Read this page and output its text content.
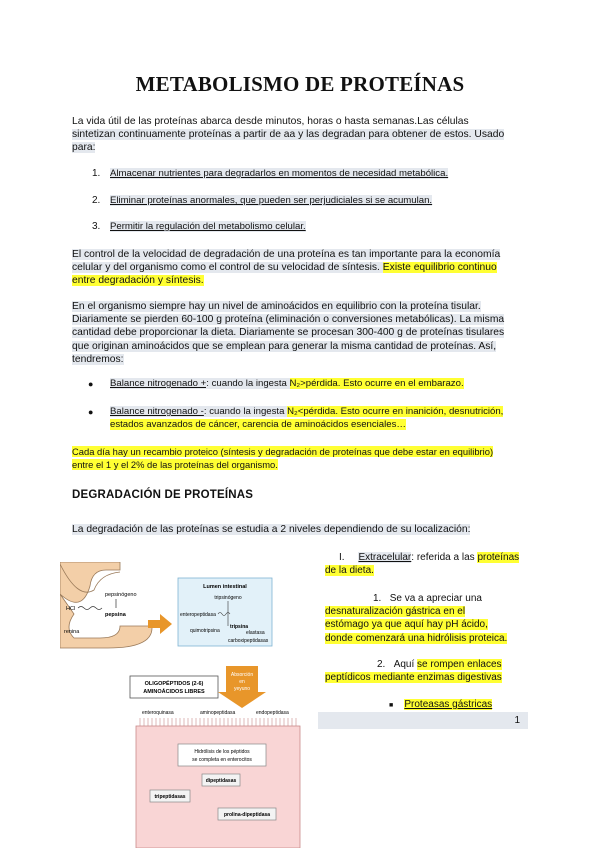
METABOLISMO DE PROTEÍNAS
La vida útil de las proteínas abarca desde minutos, horas o hasta semanas.Las células
sintetizan continuamente proteínas a partir de aa y las degradan para obtener de estos. Usado
para:
1. Almacenar nutrientes para degradarlos en momentos de necesidad metabólica.
2. Eliminar proteínas anormales, que pueden ser perjudiciales si se acumulan.
3. Permitir la regulación del metabolismo celular.
El control de la velocidad de degradación de una proteína es tan importante para la economía
celular y del organismo como el control de su velocidad de síntesis. Existe equilibrio continuo
entre degradación y síntesis.
En el organismo siempre hay un nivel de aminoácidos en equilibrio con la proteína tisular.
Diariamente se pierden 60-100 g proteína (eliminación o conversiones metabólicas). La misma
cantidad debe proporcionar la dieta. Diariamente se procesan 300-400 g de proteínas tisulares
que originan aminoácidos que se emplean para generar la misma cantidad de proteínas. Así,
tendremos:
● Balance nitrogenado +: cuando la ingesta N₂>pérdida. Esto ocurre en el embarazo.
● Balance nitrogenado -: cuando la ingesta N₂<pérdida. Esto ocurre en inanición, desnutrición,
estados avanzados de cáncer, carencia de aminoácidos esenciales…
Cada día hay un recambio proteico (síntesis y degradación de proteínas que debe estar en equilibrio)
entre el 1 y el 2% de las proteínas del organismo.
DEGRADACIÓN DE PROTEÍNAS
La degradación de las proteínas se estudia a 2 niveles dependiendo de su localización:
I. Extracelular: referida a las proteínas
de la dieta.
1. Se va a apreciar una
desnaturalización gástrica en el
estómago ya que aquí hay pH ácido,
donde comenzará una hidrólisis proteica.
2. Aquí se rompen enlaces
peptídicos mediante enzimas digestivas
■ Proteasas gástricas
pepsinógeno
HCl
pepsina
renina
Lumen intestinal
tripsinógeno
enteropeptidasa
tripsina
quimotripsina	elastasa
carboxipeptidasas
OLIGOPÉPTIDOS (2-6)
AMINOÁCIDOS LIBRES
Absorción
en
yeyuno
enteroquinasa	aminopeptidasa	endopeptidasa
Hidrólisis de los péptidos
se completa en enterocitos
dipeptidasas
tripeptidasas
prolina-dipeptidasa
1
